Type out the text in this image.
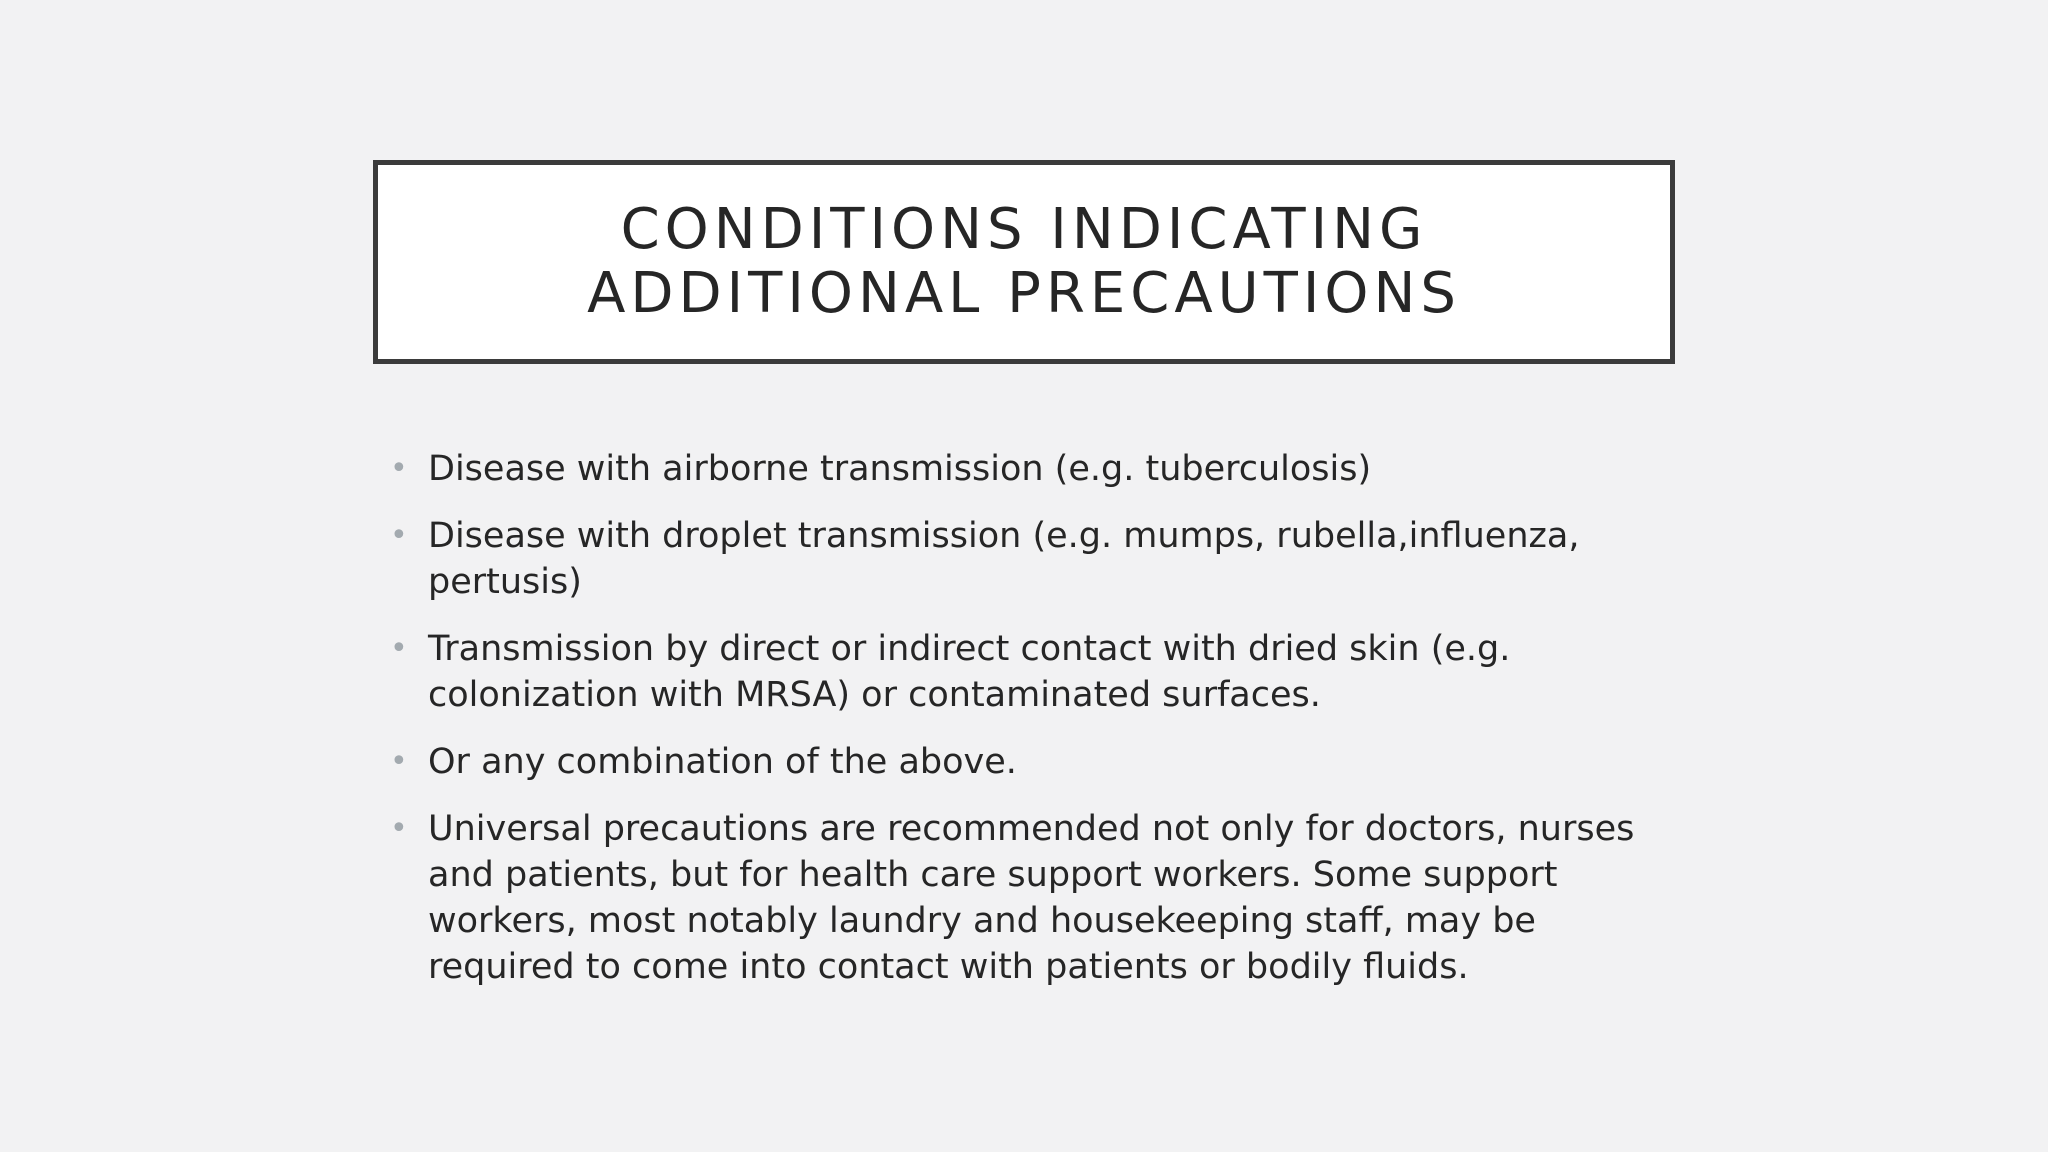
CONDITIONS INDICATING ADDITIONAL PRECAUTIONS
• Disease with airborne transmission (e.g. tuberculosis)
• Disease with droplet transmission (e.g. mumps, rubella,influenza, pertusis)
• Transmission by direct or indirect contact with dried skin (e.g. colonization with MRSA) or contaminated surfaces.
• Or any combination of the above.
• Universal precautions are recommended not only for doctors, nurses and patients, but for health care support workers. Some support workers, most notably laundry and housekeeping staff, may be required to come into contact with patients or bodily fluids.
